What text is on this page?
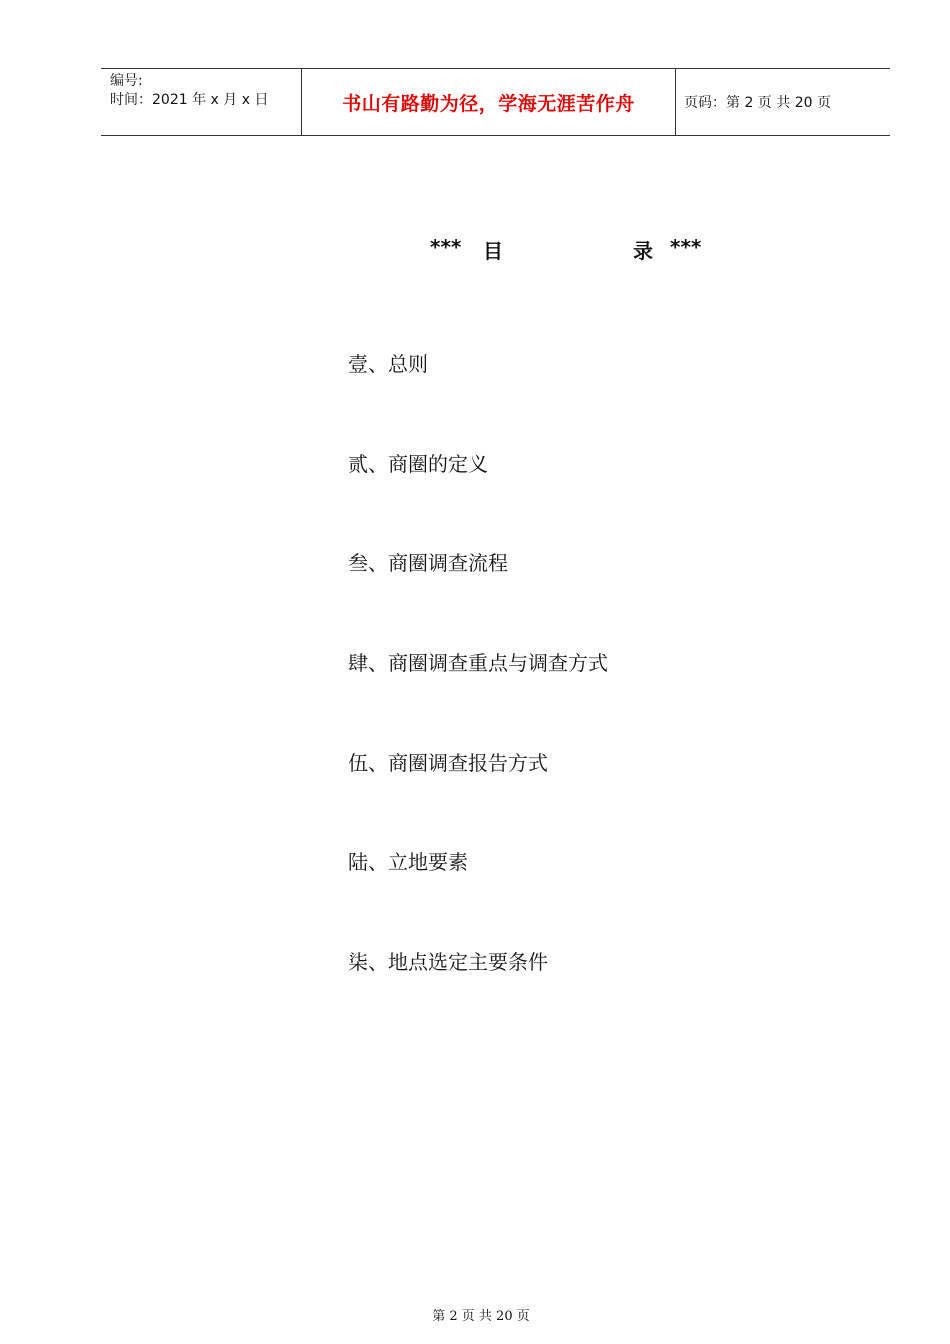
编号:
时间：2021 年 x 月 x 日	书山有路勤为径，学海无涯苦作舟	页码：第 2 页 共 20 页
*** 目	录 ***
壹、总则
贰、商圈的定义
叁、商圈调查流程
肆、商圈调查重点与调查方式
伍、商圈调查报告方式
陆、立地要素
柒、地点选定主要条件
第 2 页 共 20 页
